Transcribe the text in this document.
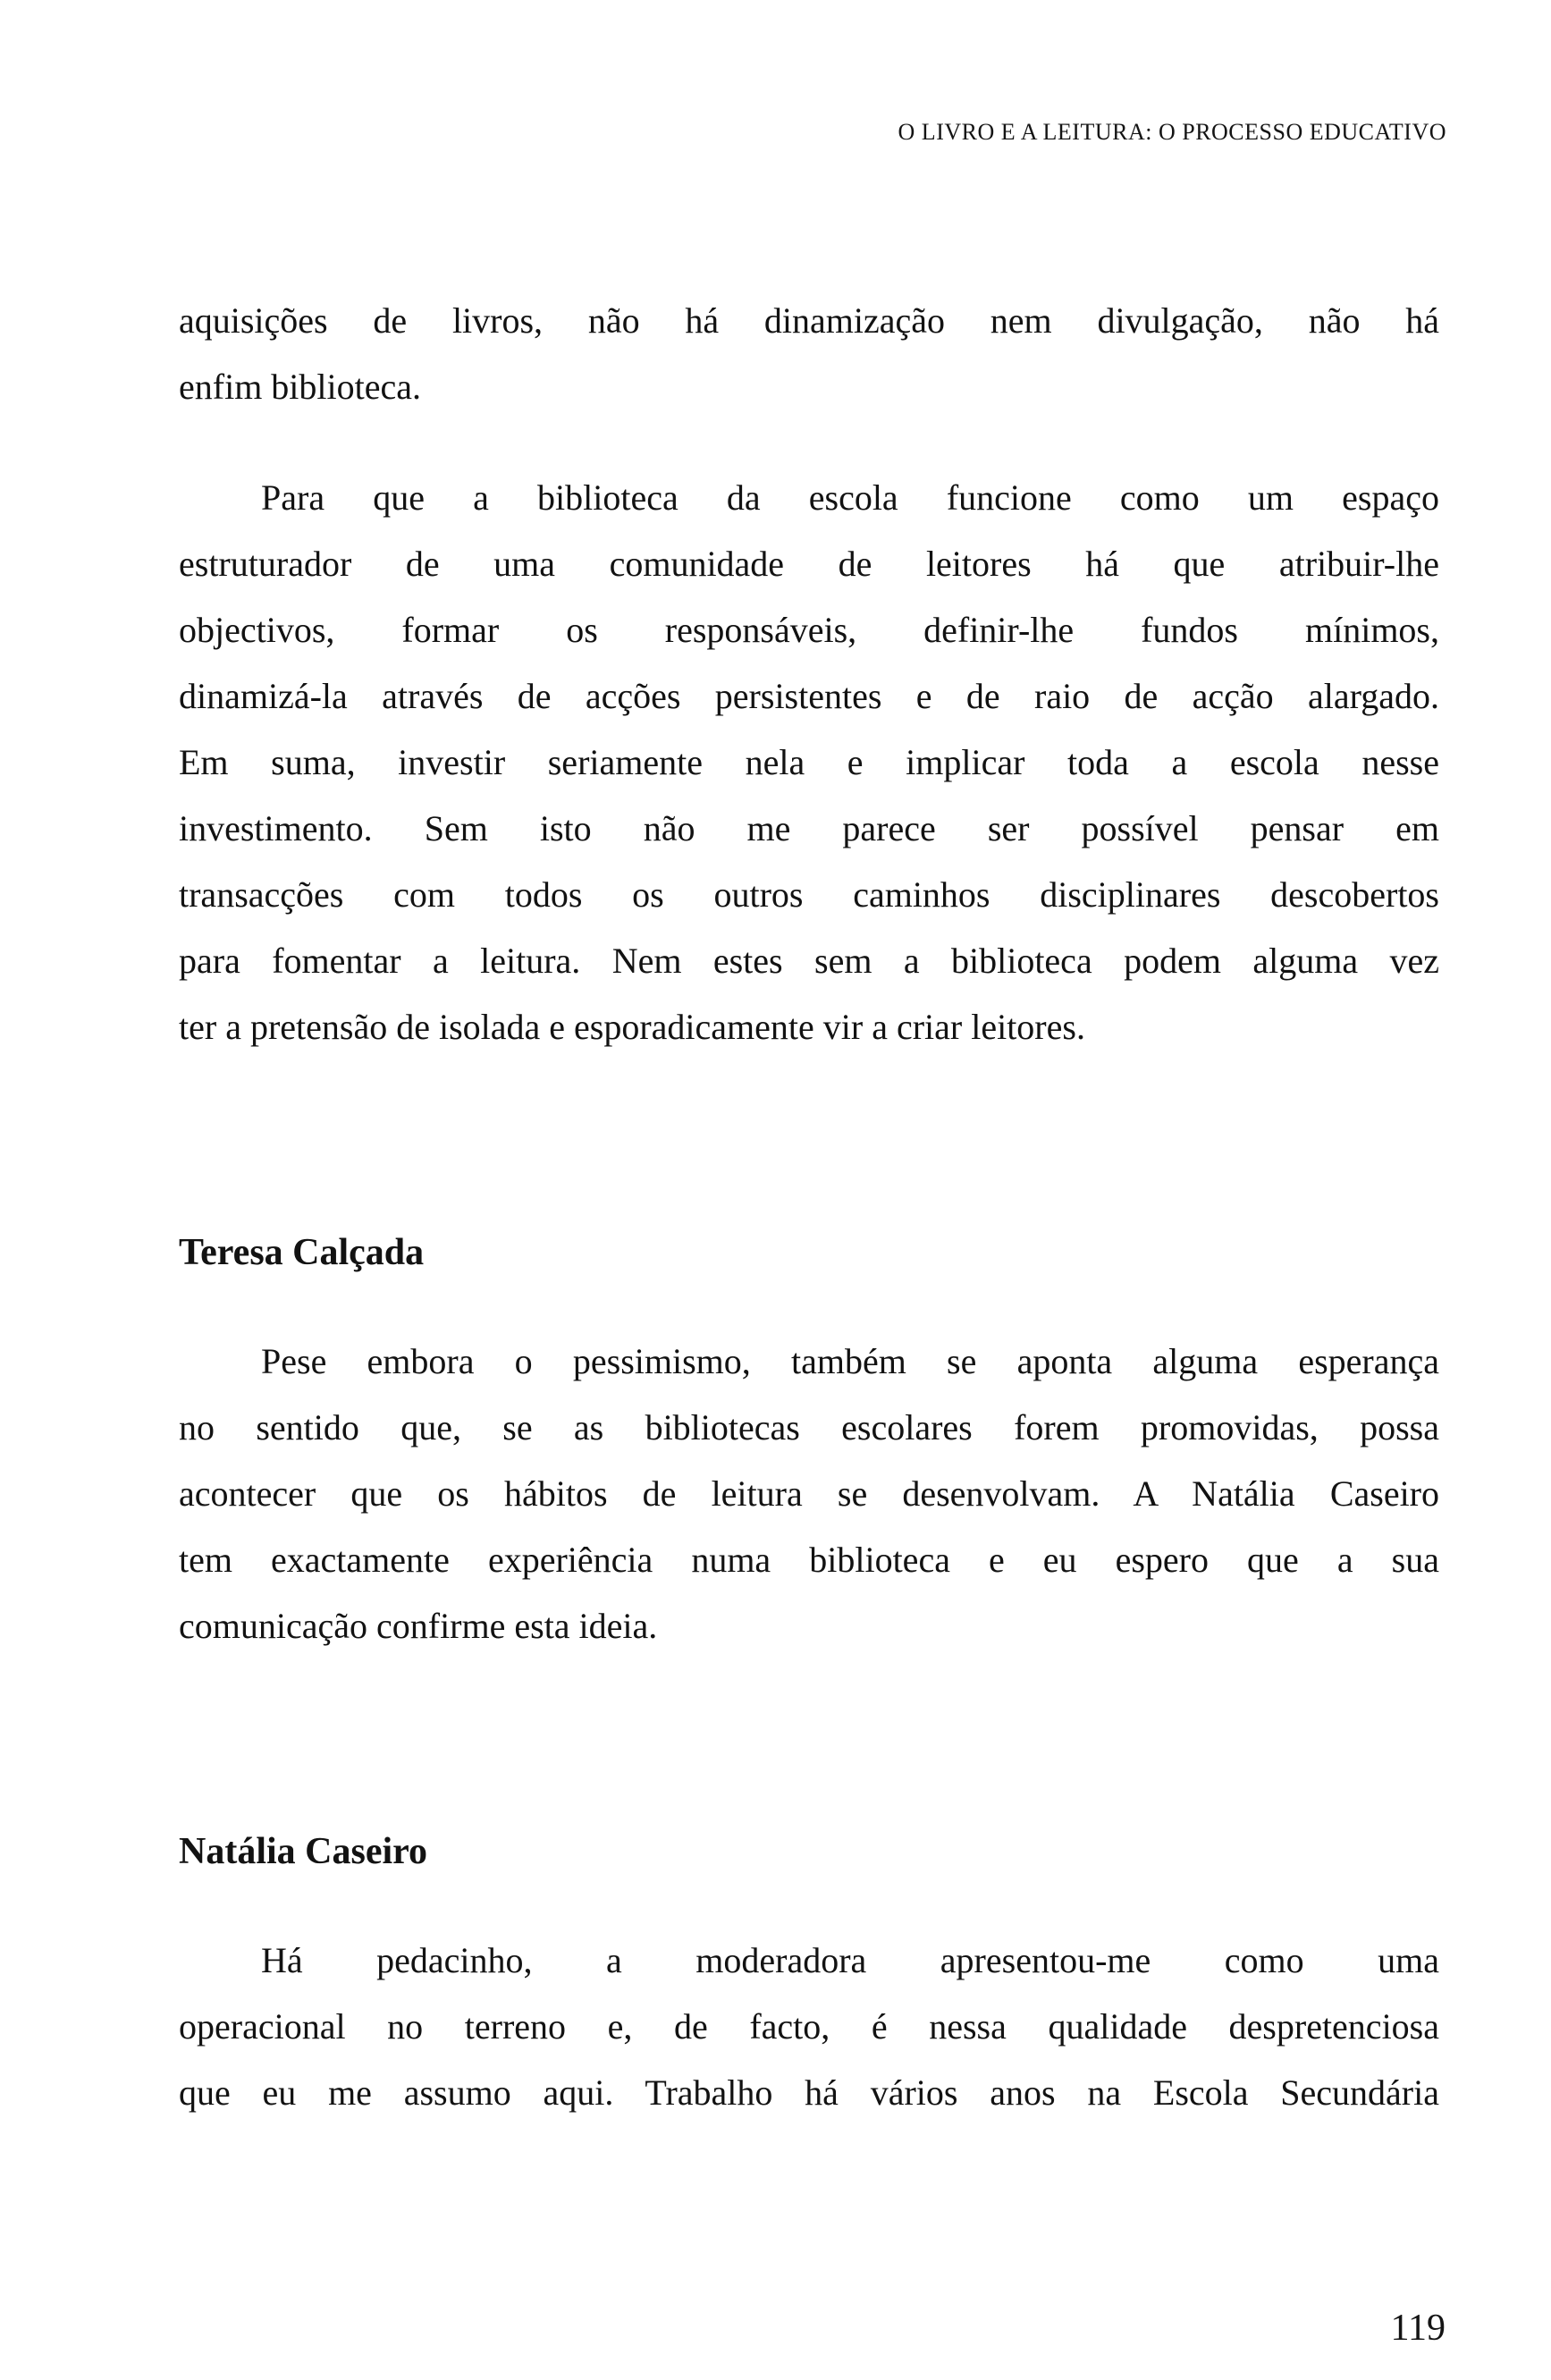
O LIVRO E A LEITURA: O PROCESSO EDUCATIVO
aquisições de livros, não há dinamização nem divulgação, não há
enfim biblioteca.
Para que a biblioteca da escola funcione como um espaço
estruturador de uma comunidade de leitores há que atribuir-lhe
objectivos, formar os responsáveis, definir-lhe fundos mínimos,
dinamizá-la através de acções persistentes e de raio de acção alargado.
Em suma, investir seriamente nela e implicar toda a escola nesse
investimento. Sem isto não me parece ser possível pensar em
transacções com todos os outros caminhos disciplinares descobertos
para fomentar a leitura. Nem estes sem a biblioteca podem alguma vez
ter a pretensão de isolada e esporadicamente vir a criar leitores.
Teresa Calçada
Pese embora o pessimismo, também se aponta alguma esperança
no sentido que, se as bibliotecas escolares forem promovidas, possa
acontecer que os hábitos de leitura se desenvolvam. A Natália Caseiro
tem exactamente experiência numa biblioteca e eu espero que a sua
comunicação confirme esta ideia.
Natália Caseiro
Há pedacinho, a moderadora apresentou-me como uma
operacional no terreno e, de facto, é nessa qualidade despretenciosa
que eu me assumo aqui. Trabalho há vários anos na Escola Secundária
119
